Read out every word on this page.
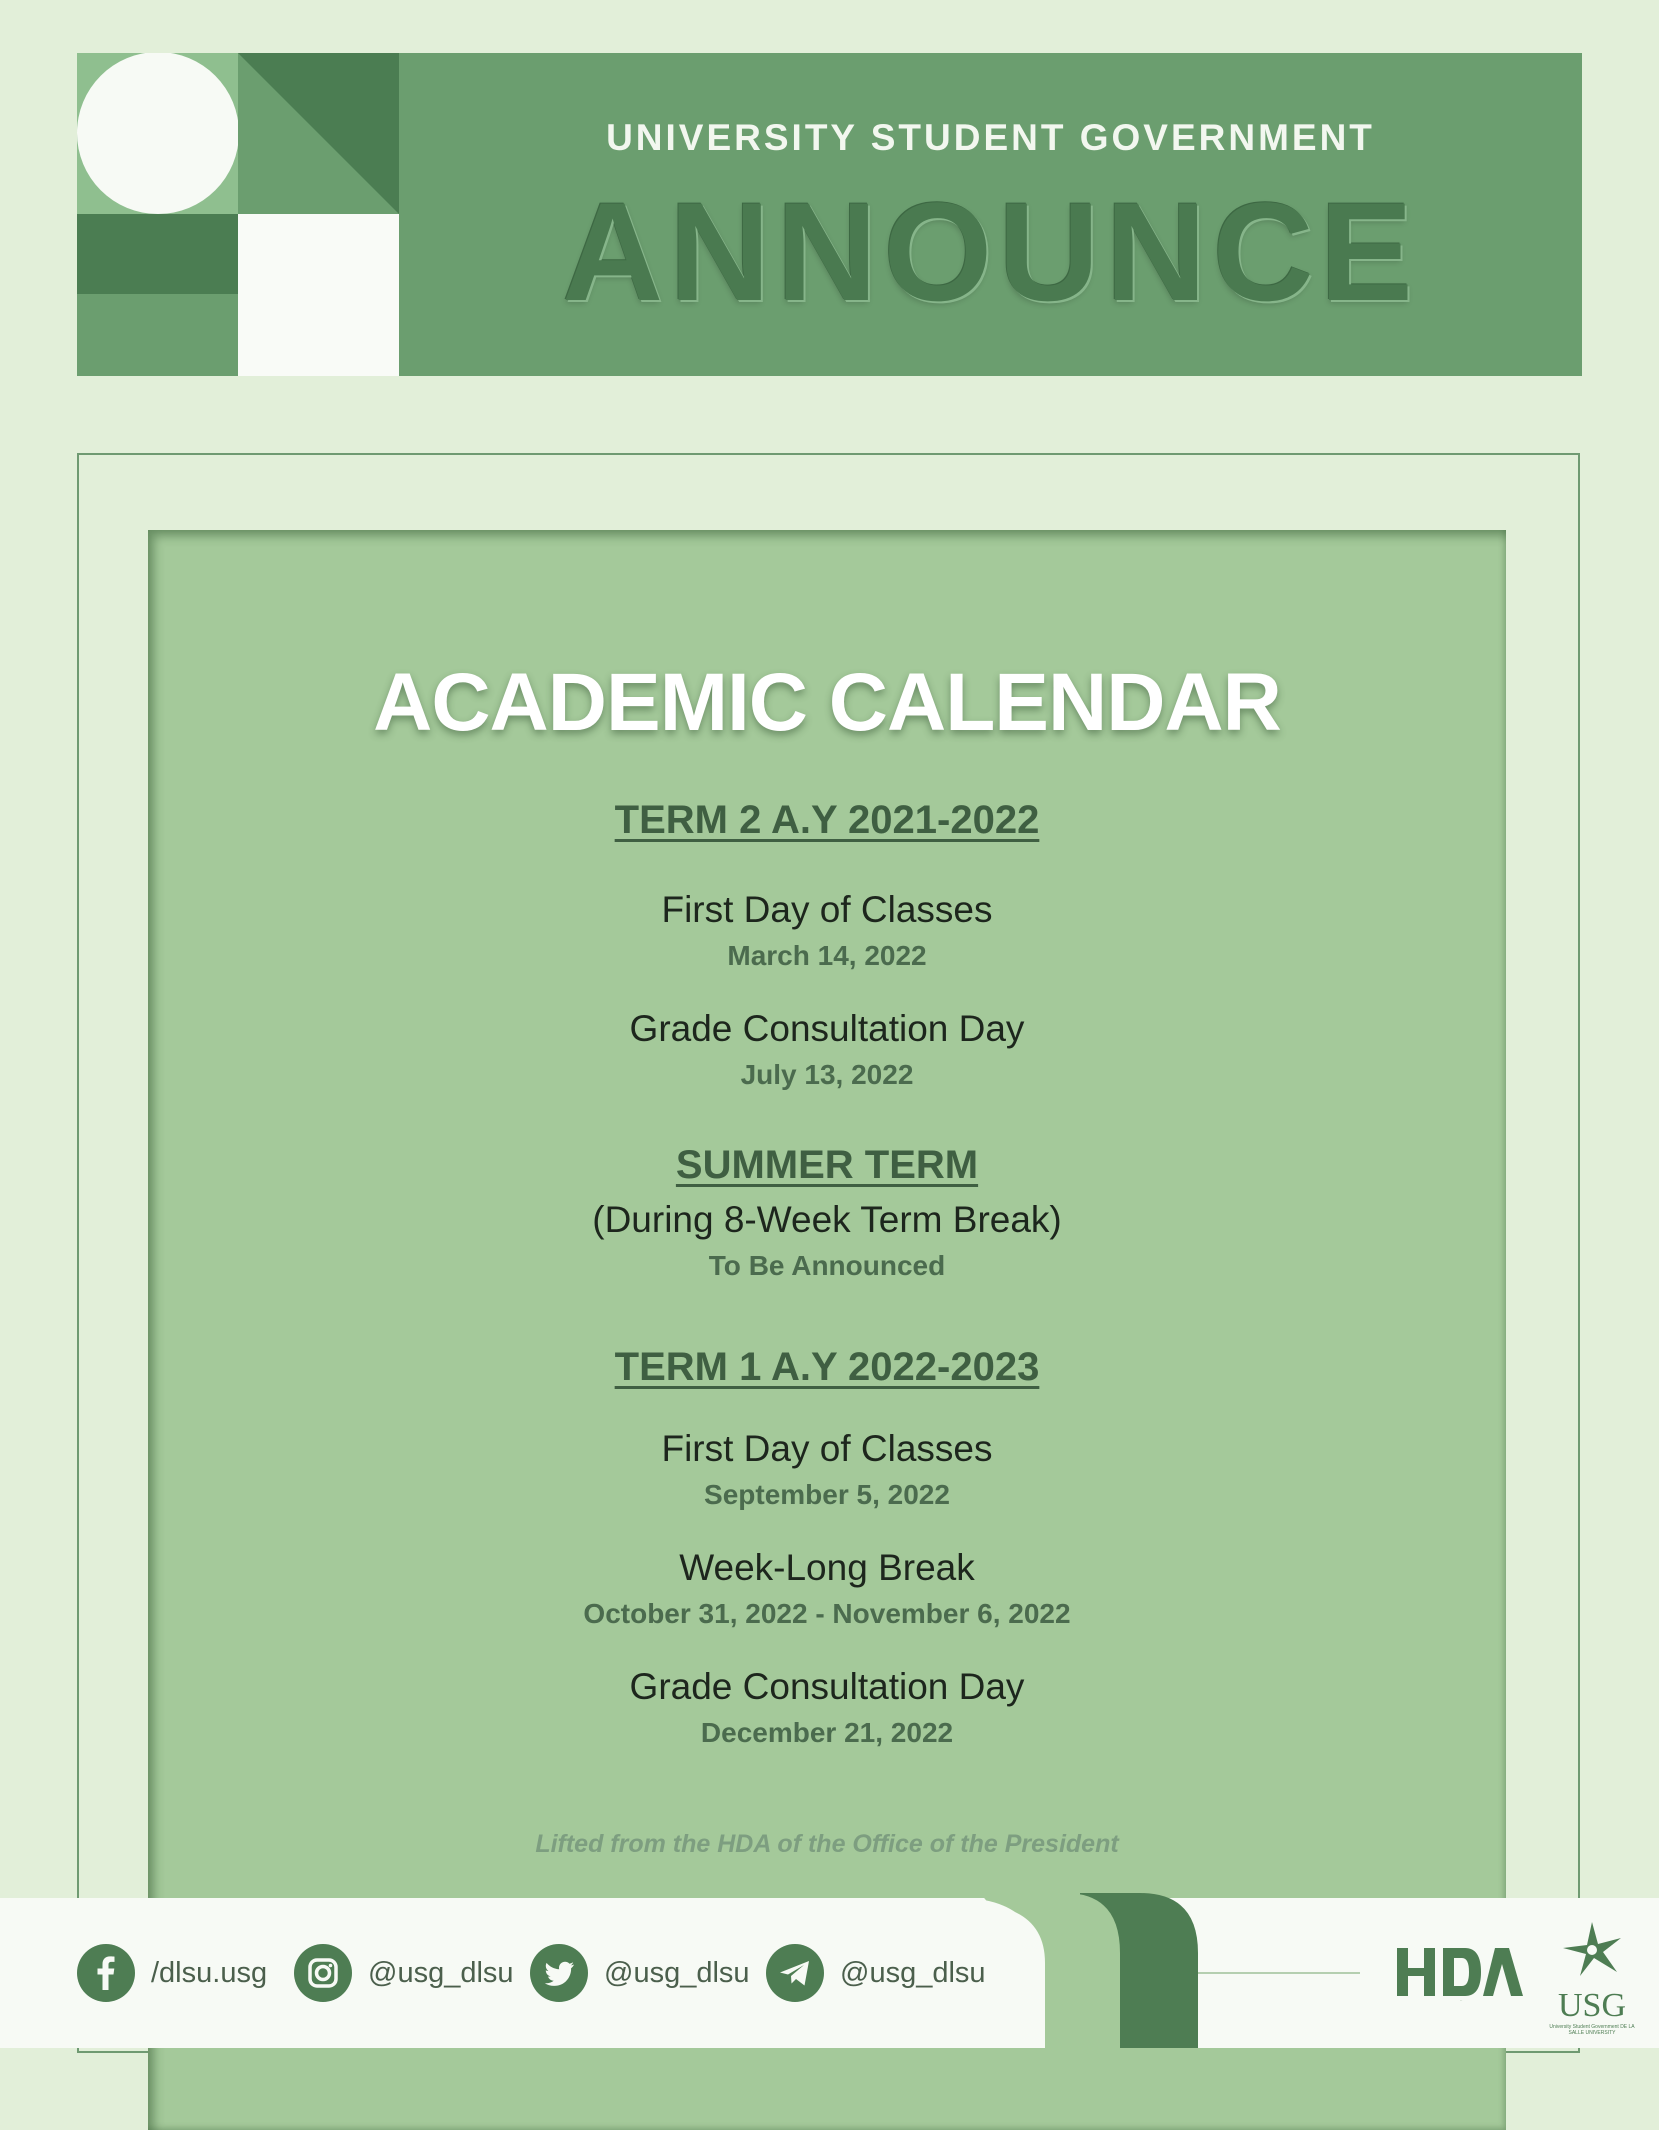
UNIVERSITY STUDENT GOVERNMENT
ANNOUNCE
ACADEMIC CALENDAR
TERM 2 A.Y 2021-2022
First Day of Classes
March 14, 2022
Grade Consultation Day
July 13, 2022
SUMMER TERM
(During 8-Week Term Break)
To Be Announced
TERM 1 A.Y 2022-2023
First Day of Classes
September 5, 2022
Week-Long Break
October 31, 2022 - November 6, 2022
Grade Consultation Day
December 21, 2022
Lifted from the HDA of the Office of the President
/dlsu.usg	@usg_dlsu	@usg_dlsu	@usg_dlsu
HDA	USG
University Student Government DE LA SALLE UNIVERSITY
